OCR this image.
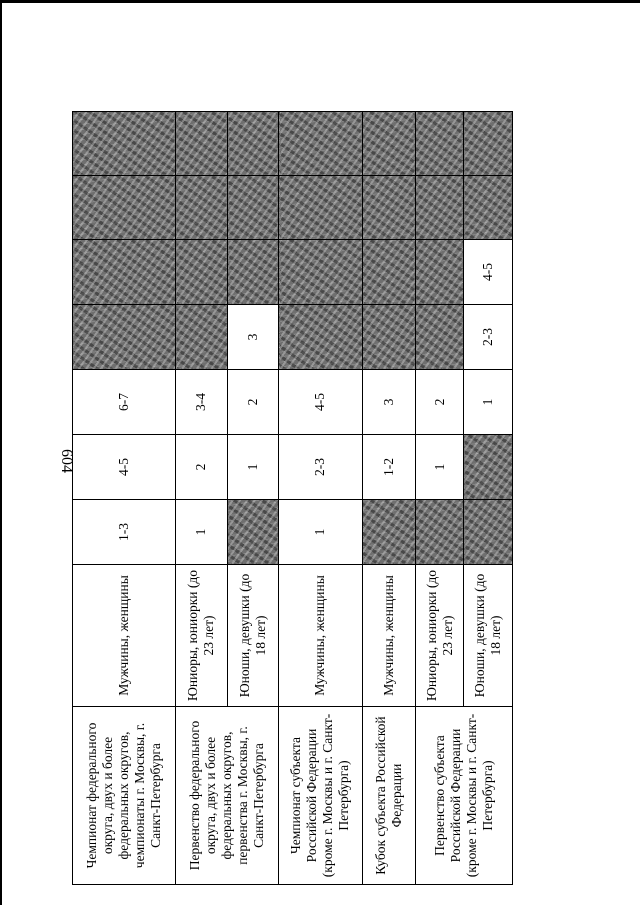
604
Чемпионат федерального округа, двух и более федеральных округов, чемпионаты г. Москвы, г. Санкт-Петербурга	Мужчины, женщины	1-3	4-5	6-7				
Первенство федерального округа, двух и более федеральных округов, первенства г. Москвы, г. Санкт-Петербурга	Юниоры, юниорки (до 23 лет)	1	2	3-4				
	Юноши, девушки (до 18 лет)		1	2	3			
Чемпионат субъекта Российской Федерации (кроме г. Москвы и г. Санкт-Петербурга)	Мужчины, женщины	1	2-3	4-5				
Кубок субъекта Российской Федерации	Мужчины, женщины		1-2	3				
Первенство субъекта Российской Федерации (кроме г. Москвы и г. Санкт-Петербурга)	Юниоры, юниорки (до 23 лет)		1	2				
	Юноши, девушки (до 18 лет)			1	2-3	4-5		
